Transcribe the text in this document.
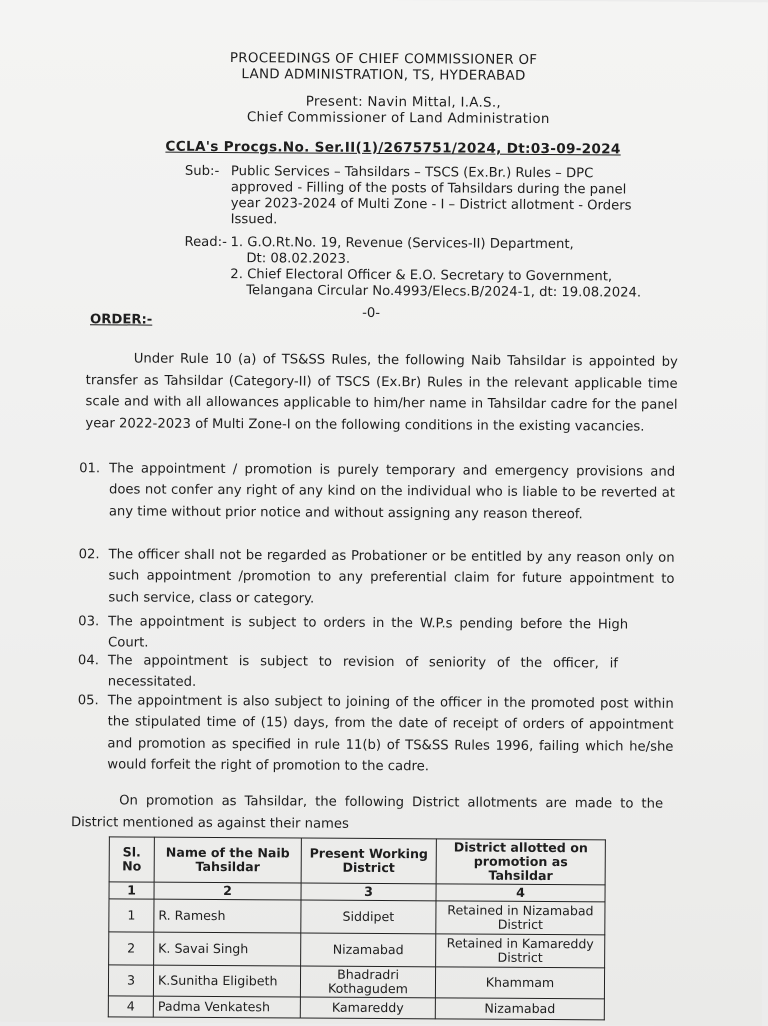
PROCEEDINGS OF CHIEF COMMISSIONER OF
LAND ADMINISTRATION, TS, HYDERABAD
Present: Navin Mittal, I.A.S.,
Chief Commissioner of Land Administration
CCLA's Procgs.No. Ser.II(1)/2675751/2024, Dt:03-09-2024
Sub:- Public Services – Tahsildars – TSCS (Ex.Br.) Rules – DPC
approved - Filling of the posts of Tahsildars during the panel
year 2023-2024 of Multi Zone - I – District allotment - Orders
Issued.
Read:- 1. G.O.Rt.No. 19, Revenue (Services-II) Department,
Dt: 08.02.2023.
2. Chief Electoral Officer & E.O. Secretary to Government,
Telangana Circular No.4993/Elecs.B/2024-1, dt: 19.08.2024.
-0-
ORDER:-
Under Rule 10 (a) of TS&SS Rules, the following Naib Tahsildar is appointed by transfer as Tahsildar (Category-II) of TSCS (Ex.Br) Rules in the relevant applicable time scale and with all allowances applicable to him/her name in Tahsildar cadre for the panel year 2022-2023 of Multi Zone-I on the following conditions in the existing vacancies.
01. The appointment / promotion is purely temporary and emergency provisions and does not confer any right of any kind on the individual who is liable to be reverted at any time without prior notice and without assigning any reason thereof.
02. The officer shall not be regarded as Probationer or be entitled by any reason only on such appointment /promotion to any preferential claim for future appointment to such service, class or category.
03. The appointment is subject to orders in the W.P.s pending before the High Court.
04. The appointment is subject to revision of seniority of the officer, if necessitated.
05. The appointment is also subject to joining of the officer in the promoted post within the stipulated time of (15) days, from the date of receipt of orders of appointment and promotion as specified in rule 11(b) of TS&SS Rules 1996, failing which he/she would forfeit the right of promotion to the cadre.
On promotion as Tahsildar, the following District allotments are made to the District mentioned as against their names
Sl. No	Name of the Naib Tahsildar	Present Working District	District allotted on promotion as Tahsildar
1	2	3	4
1	R. Ramesh	Siddipet	Retained in Nizamabad District
2	K. Savai Singh	Nizamabad	Retained in Kamareddy District
3	K.Sunitha Eligibeth	Bhadradri Kothagudem	Khammam
4	Padma Venkatesh	Kamareddy	Nizamabad
